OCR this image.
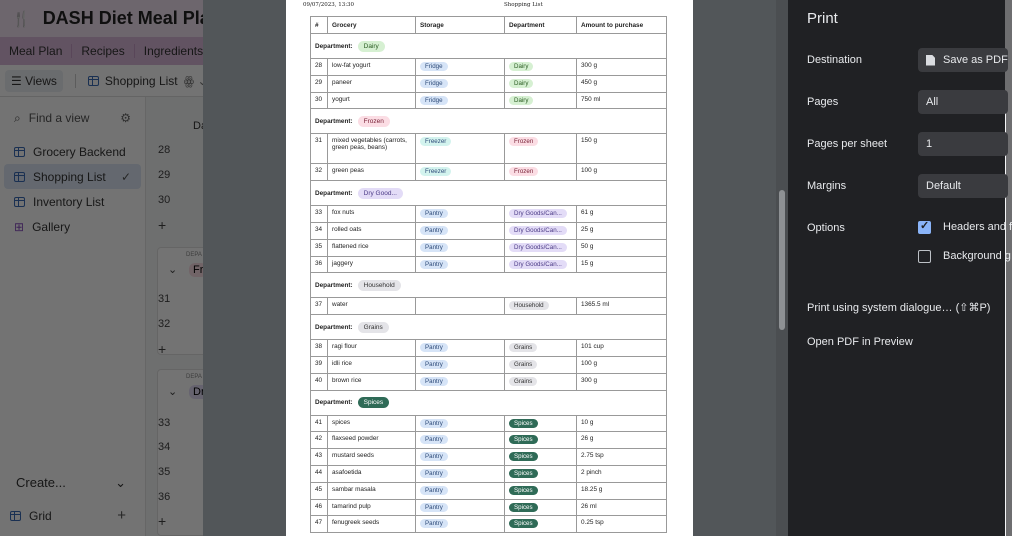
09/07/2023, 13:30	Shopping List
#	Grocery	Storage	Department	Amount to purchase
Department: Dairy				
28	low-fat yogurt	Fridge	Dairy	300 g
29	paneer	Fridge	Dairy	450 g
30	yogurt	Fridge	Dairy	750 ml
Department: Frozen				
31	mixed vegetables (carrots, green peas, beans)	Freezer	Frozen	150 g
32	green peas	Freezer	Frozen	100 g
Department: Dry Good...				
33	fox nuts	Pantry	Dry Goods/Can...	61 g
34	rolled oats	Pantry	Dry Goods/Can...	25 g
35	flattened rice	Pantry	Dry Goods/Can...	50 g
36	jaggery	Pantry	Dry Goods/Can...	15 g
Department: Household				
37	water		Household	1365.5 ml
Department: Grains				
38	ragi flour	Pantry	Grains	101 cup
39	idli rice	Pantry	Grains	100 g
40	brown rice	Pantry	Grains	300 g
Department: Spices				
41	spices	Pantry	Spices	10 g
42	flaxseed powder	Pantry	Spices	26 g
43	mustard seeds	Pantry	Spices	2.75 tsp
44	asafoetida	Pantry	Spices	2 pinch
45	sambar masala	Pantry	Spices	18.25 g
46	tamarind pulp	Pantry	Spices	26 ml
47	fenugreek seeds	Pantry	Spices	0.25 tsp
Print
Destination	Save as PDF
Pages	All
Pages per sheet	1
Margins	Default
Options ✓	Headers and f
Background g
Print using system dialogue… (⇧⌘P)
Open PDF in Preview
